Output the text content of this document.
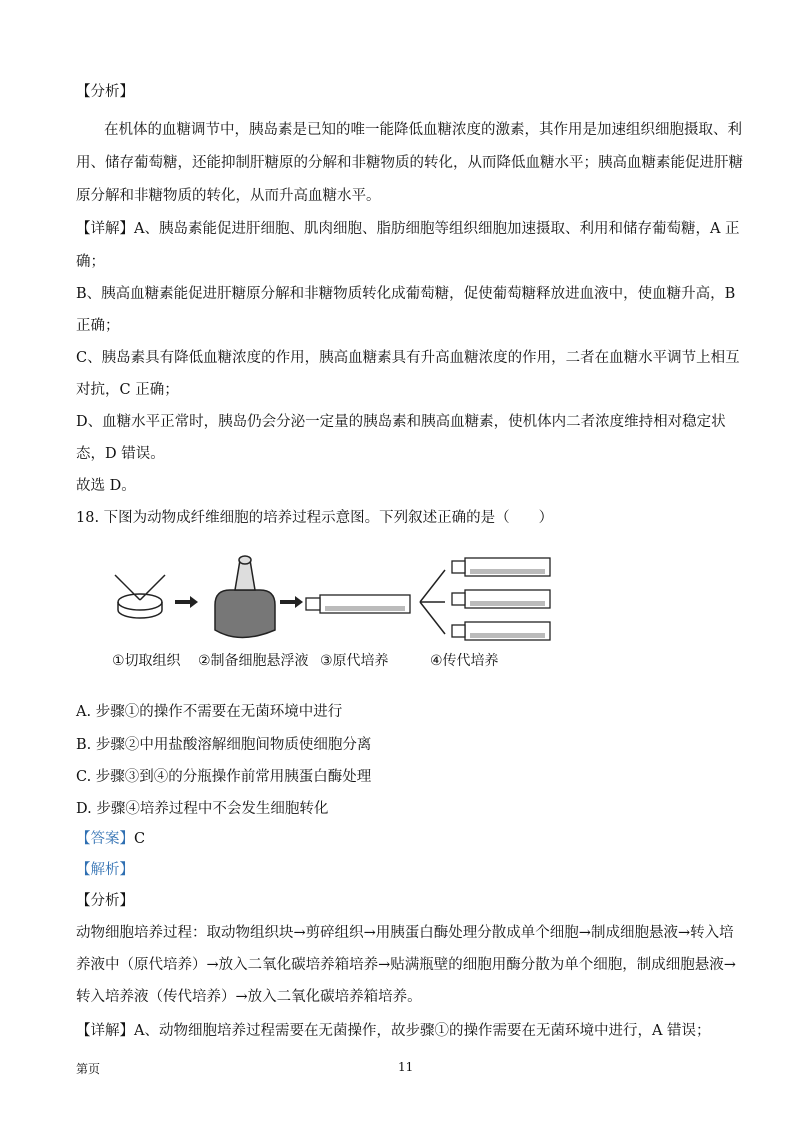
【分析】
在机体的血糖调节中，胰岛素是已知的唯一能降低血糖浓度的激素，其作用是加速组织细胞摄取、利
用、储存葡萄糖，还能抑制肝糖原的分解和非糖物质的转化，从而降低血糖水平；胰高血糖素能促进肝糖
原分解和非糖物质的转化，从而升高血糖水平。
【详解】A、胰岛素能促进肝细胞、肌肉细胞、脂肪细胞等组织细胞加速摄取、利用和储存葡萄糖，A 正
确；
B、胰高血糖素能促进肝糖原分解和非糖物质转化成葡萄糖，促使葡萄糖释放进血液中，使血糖升高，B
正确；
C、胰岛素具有降低血糖浓度的作用，胰高血糖素具有升高血糖浓度的作用，二者在血糖水平调节上相互
对抗，C 正确；
D、血糖水平正常时，胰岛仍会分泌一定量的胰岛素和胰高血糖素，使机体内二者浓度维持相对稳定状
态，D 错误。
故选 D。
18. 下图为动物成纤维细胞的培养过程示意图。下列叙述正确的是（　　）
①切取组织 ②制备细胞悬浮液 ③原代培养	④传代培养
A. 步骤①的操作不需要在无菌环境中进行
B. 步骤②中用盐酸溶解细胞间物质使细胞分离
C. 步骤③到④的分瓶操作前常用胰蛋白酶处理
D. 步骤④培养过程中不会发生细胞转化
【答案】C
【解析】
【分析】
动物细胞培养过程：取动物组织块→剪碎组织→用胰蛋白酶处理分散成单个细胞→制成细胞悬液→转入培
养液中（原代培养）→放入二氧化碳培养箱培养→贴满瓶壁的细胞用酶分散为单个细胞，制成细胞悬液→
转入培养液（传代培养）→放入二氧化碳培养箱培养。
【详解】A、动物细胞培养过程需要在无菌操作，故步骤①的操作需要在无菌环境中进行，A 错误；
第页	11
